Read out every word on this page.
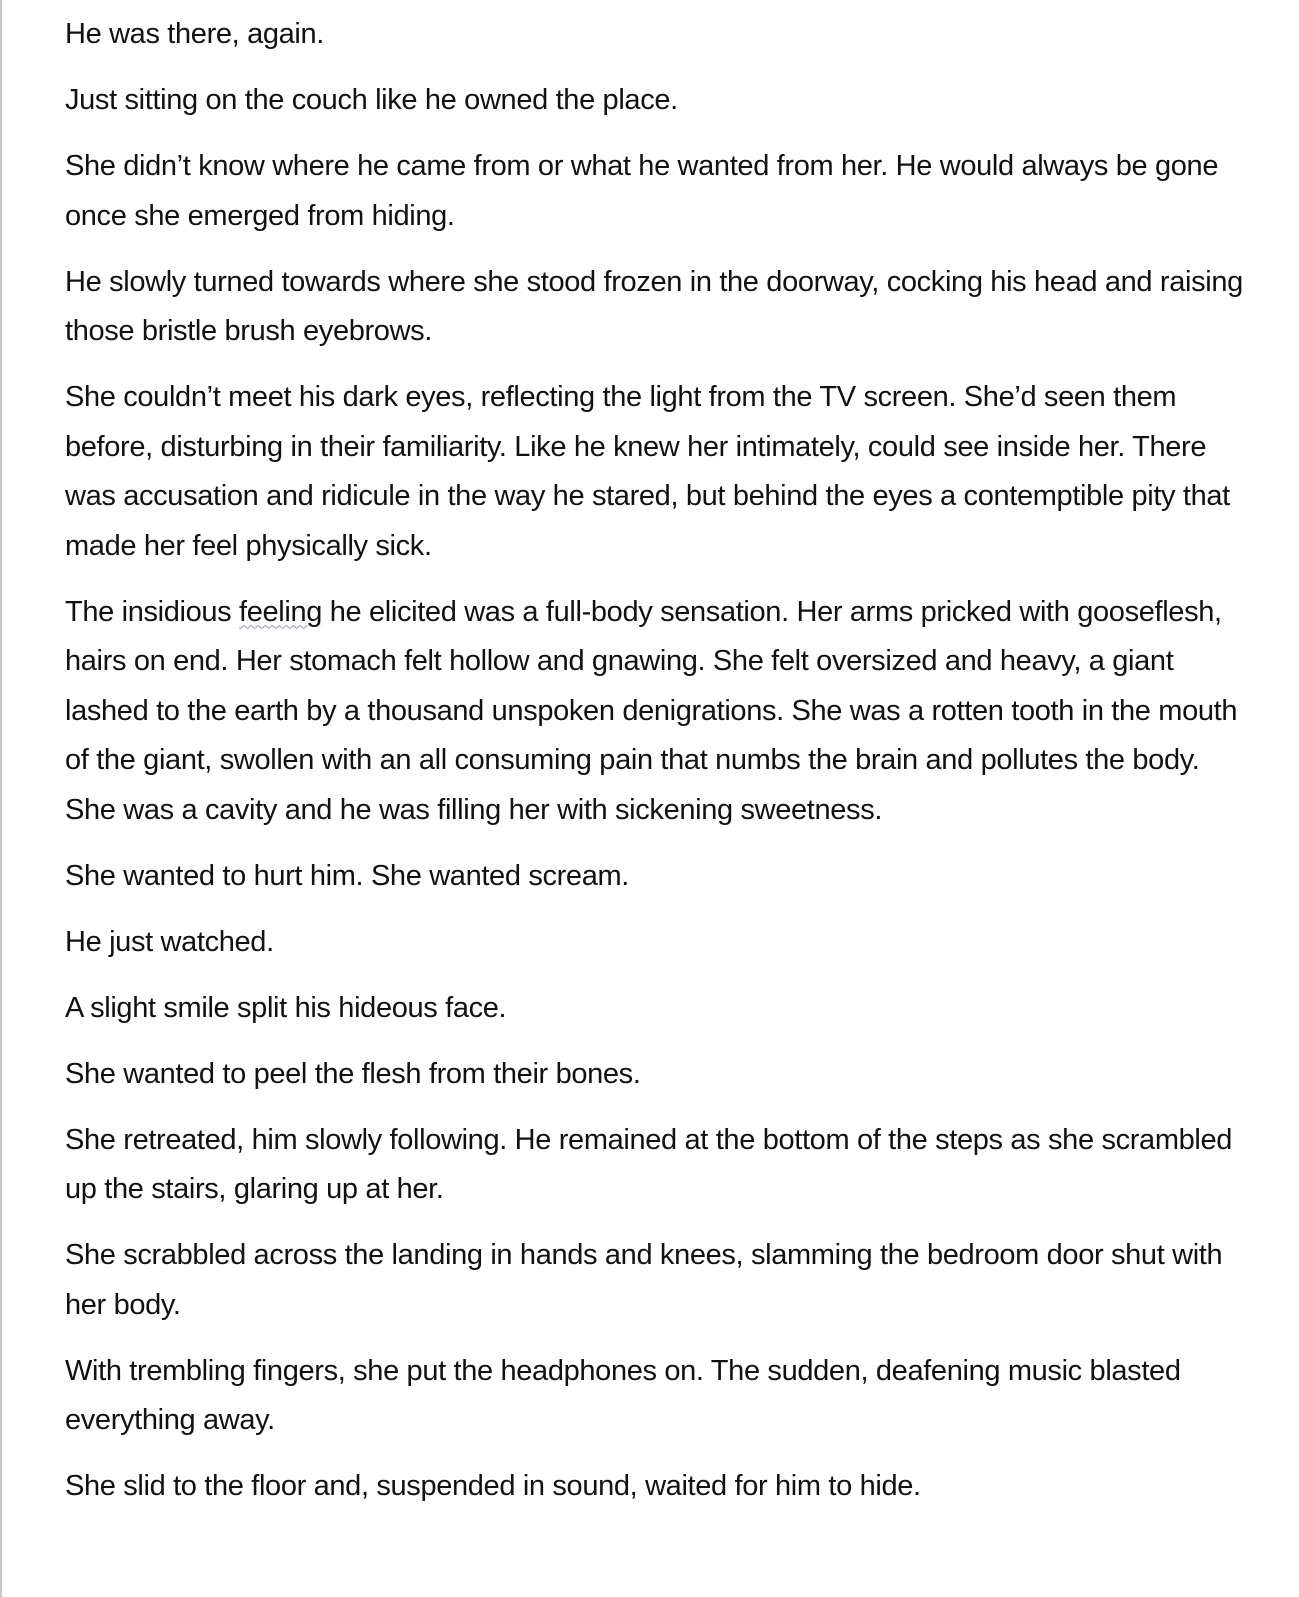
He was there, again.

Just sitting on the couch like he owned the place.

She didn’t know where he came from or what he wanted from her. He would always be gone once she emerged from hiding.

He slowly turned towards where she stood frozen in the doorway, cocking his head and raising those bristle brush eyebrows.

She couldn’t meet his dark eyes, reflecting the light from the TV screen. She’d seen them before, disturbing in their familiarity. Like he knew her intimately, could see inside her. There was accusation and ridicule in the way he stared, but behind the eyes a contemptible pity that made her feel physically sick.

The insidious feeling he elicited was a full-body sensation. Her arms pricked with gooseflesh, hairs on end. Her stomach felt hollow and gnawing. She felt oversized and heavy, a giant lashed to the earth by a thousand unspoken denigrations. She was a rotten tooth in the mouth of the giant, swollen with an all consuming pain that numbs the brain and pollutes the body. She was a cavity and he was filling her with sickening sweetness.

She wanted to hurt him. She wanted scream.

He just watched.

A slight smile split his hideous face.

She wanted to peel the flesh from their bones.

She retreated, him slowly following. He remained at the bottom of the steps as she scrambled up the stairs, glaring up at her.

She scrabbled across the landing in hands and knees, slamming the bedroom door shut with her body.

With trembling fingers, she put the headphones on. The sudden, deafening music blasted everything away.

She slid to the floor and, suspended in sound, waited for him to hide.
